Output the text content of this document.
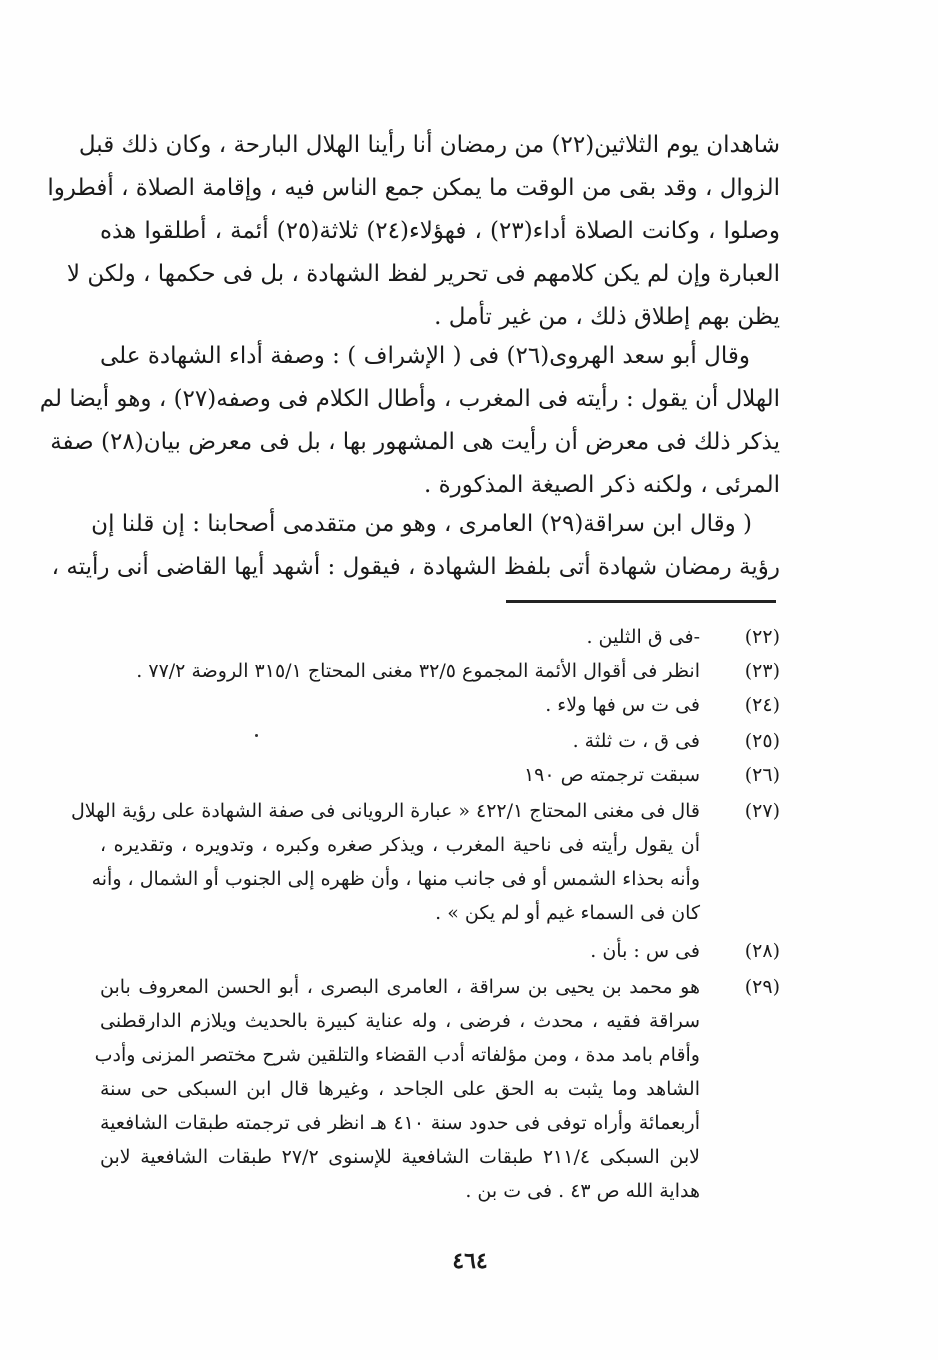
شاهدان يوم الثلاثين(٢٢) من رمضان أنا رأينا الهلال البارحة ، وكان ذلك قبل
الزوال ، وقد بقى من الوقت ما يمكن جمع الناس فيه ، وإقامة الصلاة ، أفطروا
وصلوا ، وكانت الصلاة أداء(٢٣) ، فهؤلاء(٢٤) ثلاثة(٢٥) أئمة ، أطلقوا هذه
العبارة وإن لم يكن كلامهم فى تحرير لفظ الشهادة ، بل فى حكمها ، ولكن لا
يظن بهم إطلاق ذلك ، من غير تأمل .
وقال أبو سعد الهروى(٢٦) فى ( الإشراف ) : وصفة أداء الشهادة على
الهلال أن يقول : رأيته فى المغرب ، وأطال الكلام فى وصفه(٢٧) ، وهو أيضا لم
يذكر ذلك فى معرض أن رأيت هى المشهور بها ، بل فى معرض بيان(٢٨) صفة
المرئى ، ولكنه ذكر الصيغة المذكورة .
( وقال ابن سراقة(٢٩) العامرى ، وهو من متقدمى أصحابنا : إن قلنا إن
رؤية رمضان شهادة أتى بلفظ الشهادة ، فيقول : أشهد أيها القاضى أنى رأيته ،
(٢٢)
-فى ق الثلين .
(٢٣)
انظر فى أقوال الأئمة المجموع ٣٢/٥ مغنى المحتاج ٣١٥/١ الروضة ٧٧/٢ .
(٢٤)
فى ت س فها ولاء .
(٢٥)
فى ق ، ت ثلثة .
(٢٦)
سبقت ترجمته ص ١٩٠
(٢٧)
قال فى مغنى المحتاج ٤٢٢/١ « عبارة الرويانى فى صفة الشهادة على رؤية الهلال
أن يقول رأيته فى ناحية المغرب ، ويذكر صغره وكبره ، وتدويره ، وتقديره ،
وأنه بحذاء الشمس أو فى جانب منها ، وأن ظهره إلى الجنوب أو الشمال ، وأنه
كان فى السماء غيم أو لم يكن » .
(٢٨)
فى س : بأن .
(٢٩)
هو محمد بن يحيى بن سراقة ، العامرى البصرى ، أبو الحسن المعروف بابن
سراقة فقيه ، محدث ، فرضى ، وله عناية كبيرة بالحديث ويلازم الدارقطنى
وأقام بامد مدة ، ومن مؤلفاته أدب القضاء والتلقين شرح مختصر المزنى وأدب
الشاهد وما يثبت به الحق على الجاحد ، وغيرها قال ابن السبكى حى سنة
أربعمائة وأراه توفى فى حدود سنة ٤١٠ هـ انظر فى ترجمته طبقات الشافعية
لابن السبكى ٢١١/٤ طبقات الشافعية للإسنوى ٢٧/٢ طبقات الشافعية لابن
هداية الله ص ٤٣ . فى ت بن .
٤٦٤
